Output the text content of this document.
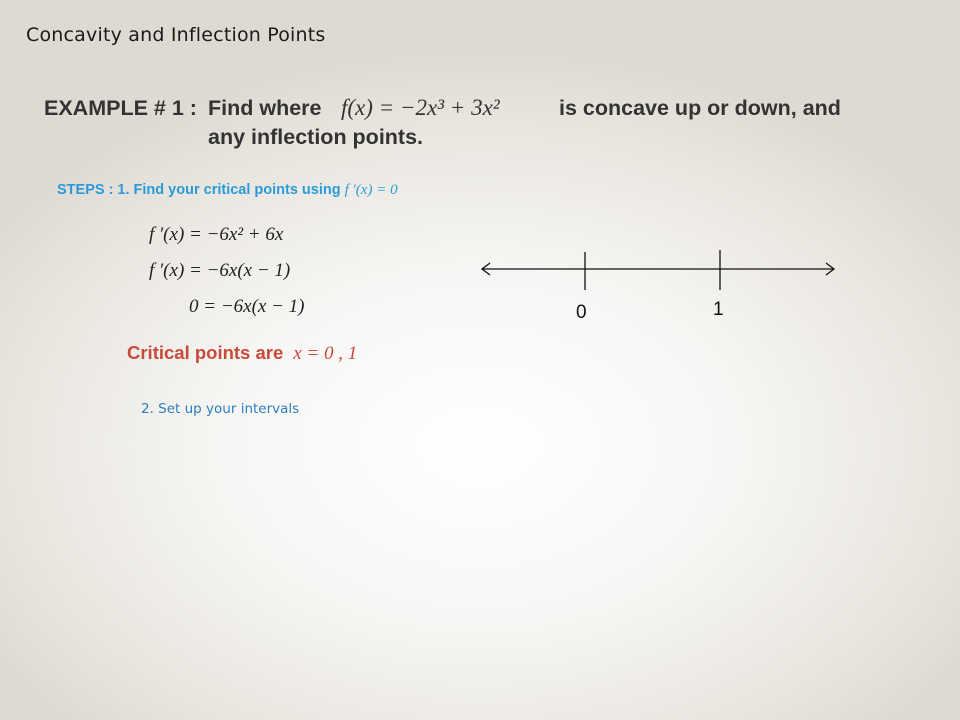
Concavity and Inflection Points
EXAMPLE # 1 : Find where f(x) = −2x³ + 3x²	is concave up or down, and
any inflection points.
STEPS : 1. Find your critical points using f ′(x) = 0
f ′(x) = −6x² + 6x
f ′(x) = −6x(x − 1)
0 = −6x(x − 1)
Critical points are x = 0 , 1
2. Set up your intervals
0	1
